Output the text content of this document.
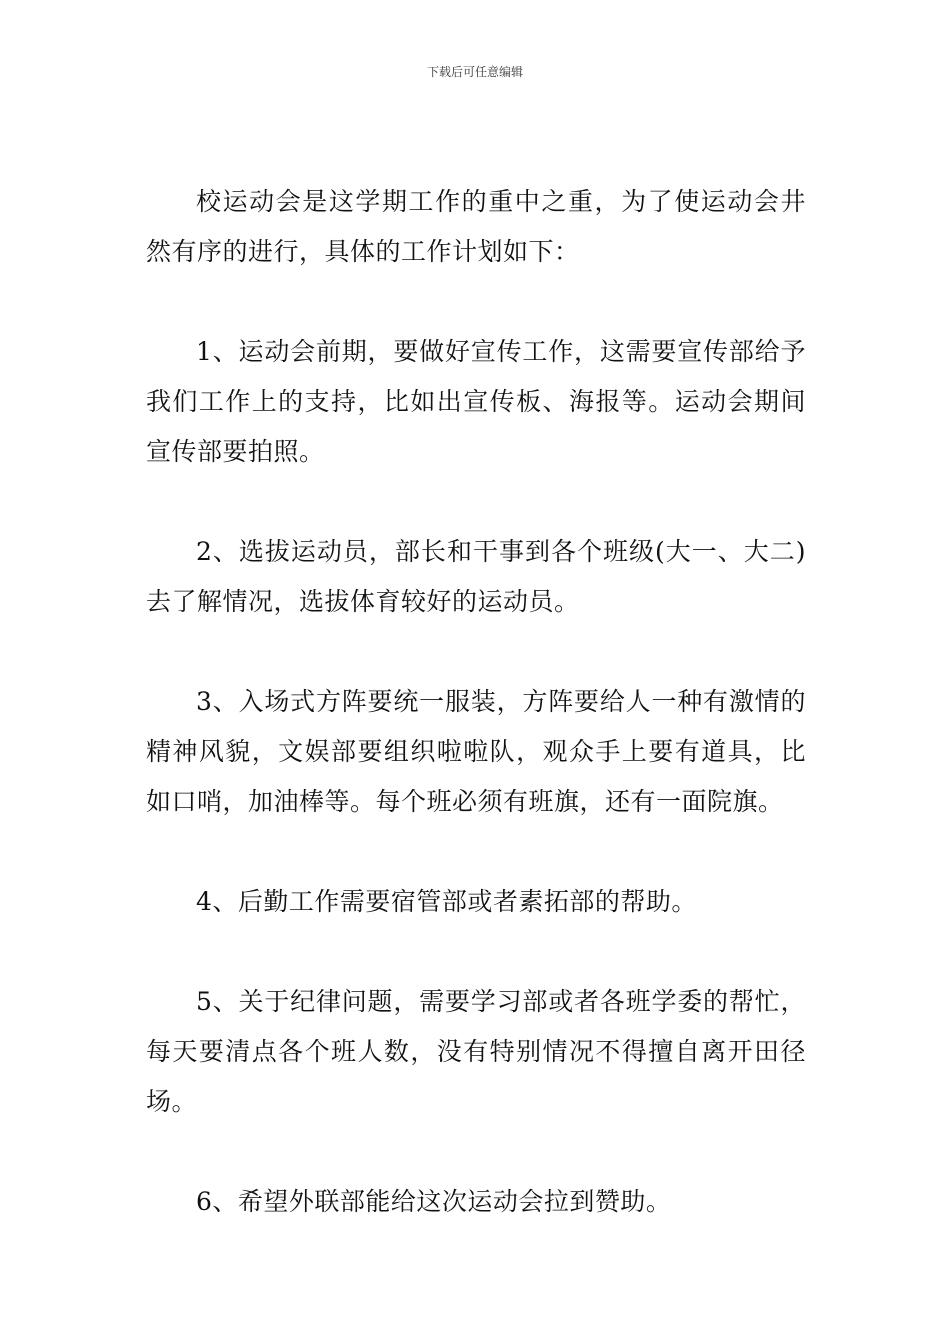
下载后可任意编辑

校运动会是这学期工作的重中之重，为了使运动会井然有序的进行，具体的工作计划如下：

1、运动会前期，要做好宣传工作，这需要宣传部给予我们工作上的支持，比如出宣传板、海报等。运动会期间宣传部要拍照。

2、选拔运动员，部长和干事到各个班级(大一、大二)去了解情况，选拔体育较好的运动员。

3、入场式方阵要统一服装，方阵要给人一种有激情的精神风貌，文娱部要组织啦啦队，观众手上要有道具，比如口哨，加油棒等。每个班必须有班旗，还有一面院旗。

4、后勤工作需要宿管部或者素拓部的帮助。

5、关于纪律问题，需要学习部或者各班学委的帮忙，每天要清点各个班人数，没有特别情况不得擅自离开田径场。

6、希望外联部能给这次运动会拉到赞助。
